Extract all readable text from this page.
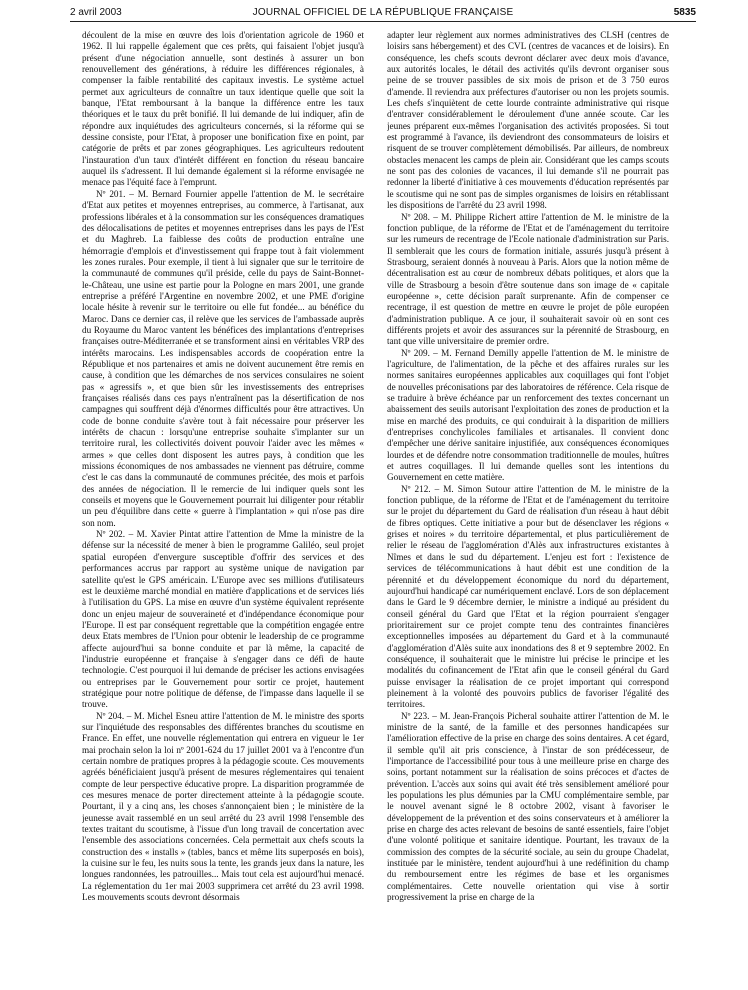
2 avril 2003	JOURNAL OFFICIEL DE LA RÉPUBLIQUE FRANÇAISE	5835

découlent de la mise en œuvre des lois d'orientation agricole de 1960 et 1962. Il lui rappelle également que ces prêts, qui faisaient l'objet jusqu'à présent d'une négociation annuelle, sont destinés à assurer un bon renouvellement des générations, à réduire les différences régionales, à compenser la faible rentabilité des capitaux investis. Le système actuel permet aux agriculteurs de connaître un taux identique quelle que soit la banque, l'Etat remboursant à la banque la différence entre les taux théoriques et le taux du prêt bonifié. Il lui demande de lui indiquer, afin de répondre aux inquiétudes des agriculteurs concernés, si la réforme qui se dessine consiste, pour l'Etat, à proposer une bonification fixe en point, par catégorie de prêts et par zones géographiques. Les agriculteurs redoutent l'instauration d'un taux d'intérêt différent en fonction du réseau bancaire auquel ils s'adressent. Il lui demande également si la réforme envisagée ne menace pas l'équité face à l'emprunt.

Nº 201. – M. Bernard Fournier appelle l'attention de M. le secrétaire d'Etat aux petites et moyennes entreprises, au commerce, à l'artisanat, aux professions libérales et à la consommation sur les conséquences dramatiques des délocalisations de petites et moyennes entreprises dans les pays de l'Est et du Maghreb. La faiblesse des coûts de production entraîne une hémorragie d'emplois et d'investissement qui frappe tout à fait violemment les zones rurales. Pour exemple, il tient à lui signaler que sur le territoire de la communauté de communes qu'il préside, celle du pays de Saint-Bonnet-le-Château, une usine est partie pour la Pologne en mars 2001, une grande entreprise a préféré l'Argentine en novembre 2002, et une PME d'origine locale hésite à revenir sur le territoire ou elle fut fondée... au bénéfice du Maroc. Dans ce dernier cas, il relève que les services de l'ambassade auprès du Royaume du Maroc vantent les bénéfices des implantations d'entreprises françaises outre-Méditerranée et se transforment ainsi en véritables VRP des intérêts marocains. Les indispensables accords de coopération entre la République et nos partenaires et amis ne doivent aucunement être remis en cause, à condition que les démarches de nos services consulaires ne soient pas « agressifs », et que bien sûr les investissements des entreprises françaises réalisés dans ces pays n'entraînent pas la désertification de nos campagnes qui souffrent déjà d'énormes difficultés pour être attractives. Un code de bonne conduite s'avère tout à fait nécessaire pour préserver les intérêts de chacun : lorsqu'une entreprise souhaite s'implanter sur un territoire rural, les collectivités doivent pouvoir l'aider avec les mêmes « armes » que celles dont disposent les autres pays, à condition que les missions économiques de nos ambassades ne viennent pas détruire, comme c'est le cas dans la communauté de communes précitée, des mois et parfois des années de négociation. Il le remercie de lui indiquer quels sont les conseils et moyens que le Gouvernement pourrait lui diligenter pour rétablir un peu d'équilibre dans cette « guerre à l'implantation » qui n'ose pas dire son nom.

Nº 202. – M. Xavier Pintat attire l'attention de Mme la ministre de la défense sur la nécessité de mener à bien le programme Galiléo, seul projet spatial européen d'envergure susceptible d'offrir des services et des performances accrus par rapport au système unique de navigation par satellite qu'est le GPS américain. L'Europe avec ses millions d'utilisateurs est le deuxième marché mondial en matière d'applications et de services liés à l'utilisation du GPS. La mise en œuvre d'un système équivalent représente donc un enjeu majeur de souveraineté et d'indépendance économique pour l'Europe. Il est par conséquent regrettable que la compétition engagée entre deux Etats membres de l'Union pour obtenir le leadership de ce programme affecte aujourd'hui sa bonne conduite et par là même, la capacité de l'industrie européenne et française à s'engager dans ce défi de haute technologie. C'est pourquoi il lui demande de préciser les actions envisagées ou entreprises par le Gouvernement pour sortir ce projet, hautement stratégique pour notre politique de défense, de l'impasse dans laquelle il se trouve.

Nº 204. – M. Michel Esneu attire l'attention de M. le ministre des sports sur l'inquiétude des responsables des différentes branches du scoutisme en France. En effet, une nouvelle réglementation qui entrera en vigueur le 1er mai prochain selon la loi nº 2001-624 du 17 juillet 2001 va à l'encontre d'un certain nombre de pratiques propres à la pédagogie scoute. Ces mouvements agréés bénéficiaient jusqu'à présent de mesures réglementaires qui tenaient compte de leur perspective éducative propre. La disparition programmée de ces mesures menace de porter directement atteinte à la pédagogie scoute. Pourtant, il y a cinq ans, les choses s'annonçaient bien ; le ministère de la jeunesse avait rassemblé en un seul arrêté du 23 avril 1998 l'ensemble des textes traitant du scoutisme, à l'issue d'un long travail de concertation avec l'ensemble des associations concernées. Cela permettait aux chefs scouts la construction des « installs » (tables, bancs et même lits superposés en bois), la cuisine sur le feu, les nuits sous la tente, les grands jeux dans la nature, les longues randonnées, les patrouilles... Mais tout cela est aujourd'hui menacé. La réglementation du 1er mai 2003 supprimera cet arrêté du 23 avril 1998. Les mouvements scouts devront désormais

adapter leur règlement aux normes administratives des CLSH (centres de loisirs sans hébergement) et des CVL (centres de vacances et de loisirs). En conséquence, les chefs scouts devront déclarer avec deux mois d'avance, aux autorités locales, le détail des activités qu'ils devront organiser sous peine de se trouver passibles de six mois de prison et de 3 750 euros d'amende. Il reviendra aux préfectures d'autoriser ou non les projets soumis. Les chefs s'inquiètent de cette lourde contrainte administrative qui risque d'entraver considérablement le déroulement d'une année scoute. Car les jeunes préparent eux-mêmes l'organisation des activités proposées. Si tout est programmé à l'avance, ils deviendront des consommateurs de loisirs et risquent de se trouver complètement démobilisés. Par ailleurs, de nombreux obstacles menacent les camps de plein air. Considérant que les camps scouts ne sont pas des colonies de vacances, il lui demande s'il ne pourrait pas redonner la liberté d'initiative à ces mouvements d'éducation représentés par le scoutisme qui ne sont pas de simples organismes de loisirs en rétablissant les dispositions de l'arrêté du 23 avril 1998.

Nº 208. – M. Philippe Richert attire l'attention de M. le ministre de la fonction publique, de la réforme de l'Etat et de l'aménagement du territoire sur les rumeurs de recentrage de l'Ecole nationale d'administration sur Paris. Il semblerait que les cours de formation initiale, assurés jusqu'à présent à Strasbourg, seraient donnés à nouveau à Paris. Alors que la notion même de décentralisation est au cœur de nombreux débats politiques, et alors que la ville de Strasbourg a besoin d'être soutenue dans son image de « capitale européenne », cette décision paraît surprenante. Afin de compenser ce recentrage, il est question de mettre en œuvre le projet de pôle européen d'administration publique. A ce jour, il souhaiterait savoir où en sont ces différents projets et avoir des assurances sur la pérennité de Strasbourg, en tant que ville universitaire de premier ordre.

Nº 209. – M. Fernand Demilly appelle l'attention de M. le ministre de l'agriculture, de l'alimentation, de la pêche et des affaires rurales sur les normes sanitaires européennes applicables aux coquillages qui font l'objet de nouvelles préconisations par des laboratoires de référence. Cela risque de se traduire à brève échéance par un renforcement des textes concernant un abaissement des seuils autorisant l'exploitation des zones de production et la mise en marché des produits, ce qui conduirait à la disparition de milliers d'entreprises conchylicoles familiales et artisanales. Il convient donc d'empêcher une dérive sanitaire injustifiée, aux conséquences économiques lourdes et de défendre notre consommation traditionnelle de moules, huîtres et autres coquillages. Il lui demande quelles sont les intentions du Gouvernement en cette matière.

Nº 212. – M. Simon Sutour attire l'attention de M. le ministre de la fonction publique, de la réforme de l'Etat et de l'aménagement du territoire sur le projet du département du Gard de réalisation d'un réseau à haut débit de fibres optiques. Cette initiative a pour but de désenclaver les régions « grises et noires » du territoire départemental, et plus particulièrement de relier le réseau de l'agglomération d'Alès aux infrastructures existantes à Nîmes et dans le sud du département. L'enjeu est fort : l'existence de services de télécommunications à haut débit est une condition de la pérennité et du développement économique du nord du département, aujourd'hui handicapé car numériquement enclavé. Lors de son déplacement dans le Gard le 9 décembre dernier, le ministre a indiqué au président du conseil général du Gard que l'Etat et la région pourraient s'engager prioritairement sur ce projet compte tenu des contraintes financières exceptionnelles imposées au département du Gard et à la communauté d'agglomération d'Alès suite aux inondations des 8 et 9 septembre 2002. En conséquence, il souhaiterait que le ministre lui précise le principe et les modalités du cofinancement de l'Etat afin que le conseil général du Gard puisse envisager la réalisation de ce projet important qui correspond pleinement à la volonté des pouvoirs publics de favoriser l'égalité des territoires.

Nº 223. – M. Jean-François Picheral souhaite attirer l'attention de M. le ministre de la santé, de la famille et des personnes handicapées sur l'amélioration effective de la prise en charge des soins dentaires. A cet égard, il semble qu'il ait pris conscience, à l'instar de son prédécesseur, de l'importance de l'accessibilité pour tous à une meilleure prise en charge des soins, portant notamment sur la réalisation de soins précoces et d'actes de prévention. L'accès aux soins qui avait été très sensiblement amélioré pour les populations les plus démunies par la CMU complémentaire semble, par le nouvel avenant signé le 8 octobre 2002, visant à favoriser le développement de la prévention et des soins conservateurs et à améliorer la prise en charge des actes relevant de besoins de santé essentiels, faire l'objet d'une volonté politique et sanitaire identique. Pourtant, les travaux de la commission des comptes de la sécurité sociale, au sein du groupe Chadelat, instituée par le ministère, tendent aujourd'hui à une redéfinition du champ du remboursement entre les régimes de base et les organismes complémentaires. Cette nouvelle orientation qui vise à sortir progressivement la prise en charge de la
